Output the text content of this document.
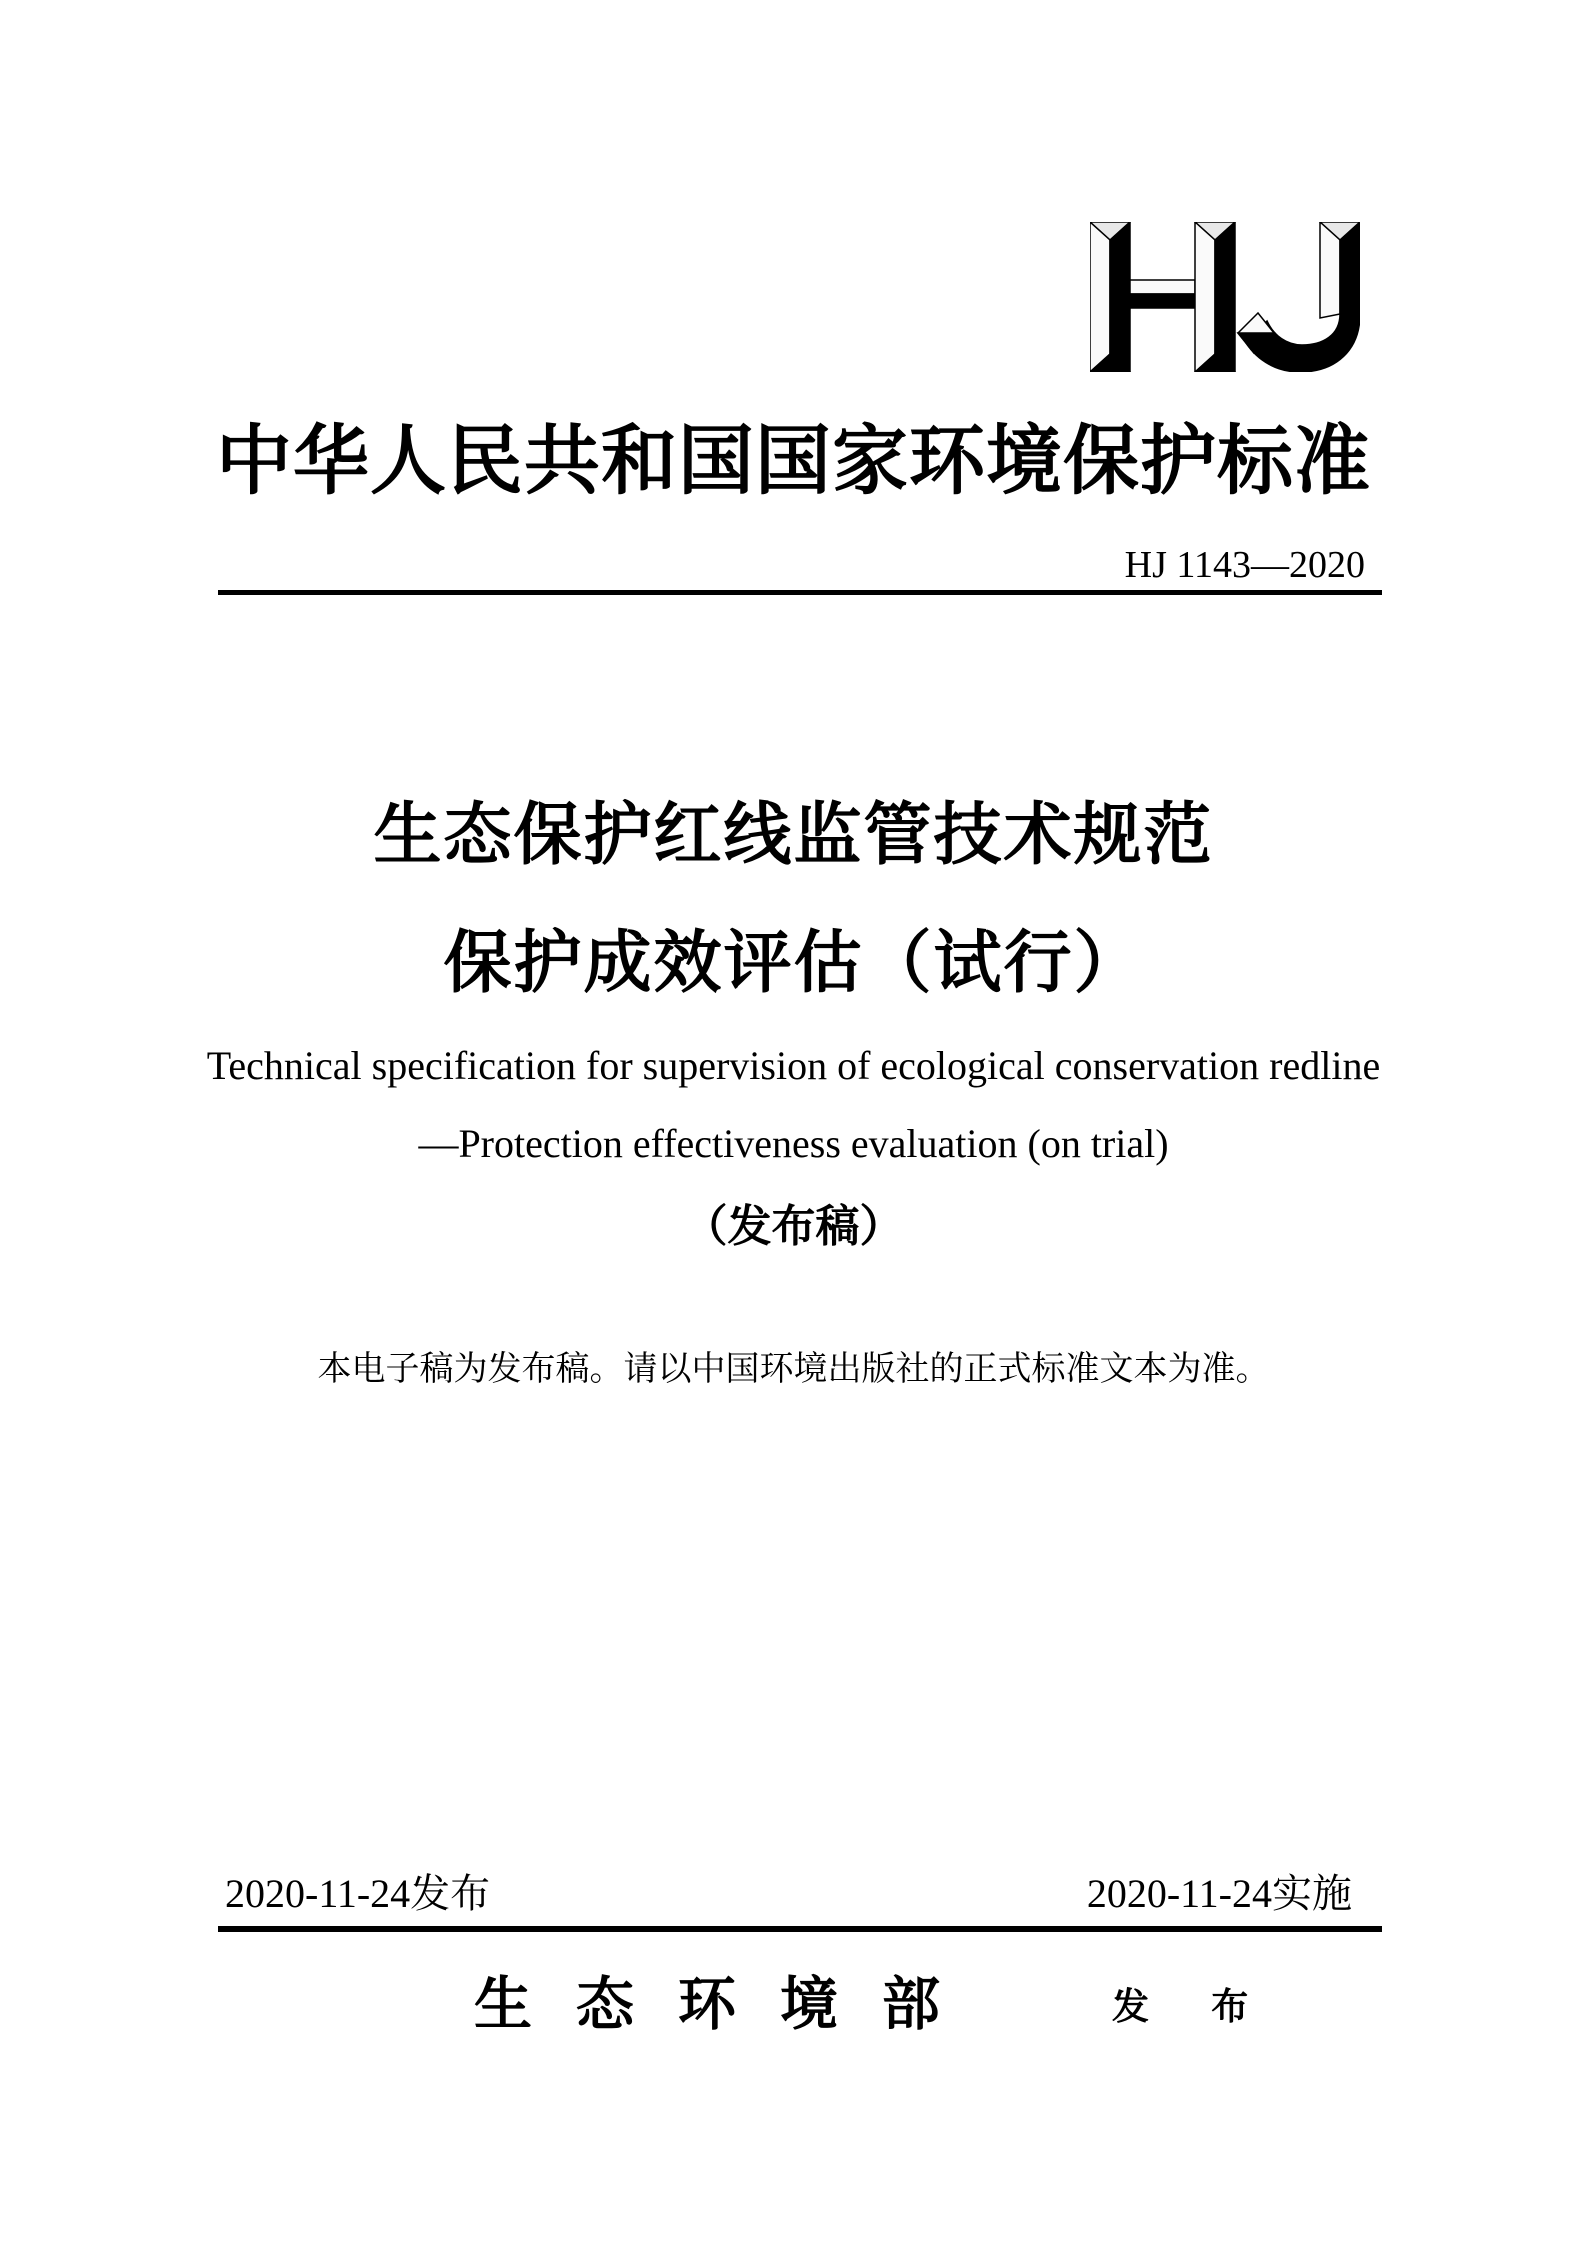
中华人民共和国国家环境保护标准
HJ 1143—2020
生态保护红线监管技术规范
保护成效评估（试行）
Technical specification for supervision of ecological conservation redline
—Protection effectiveness evaluation (on trial)
（发布稿）
本电子稿为发布稿。请以中国环境出版社的正式标准文本为准。
2020-11-24发布	2020-11-24实施
生态环境部	发 布
